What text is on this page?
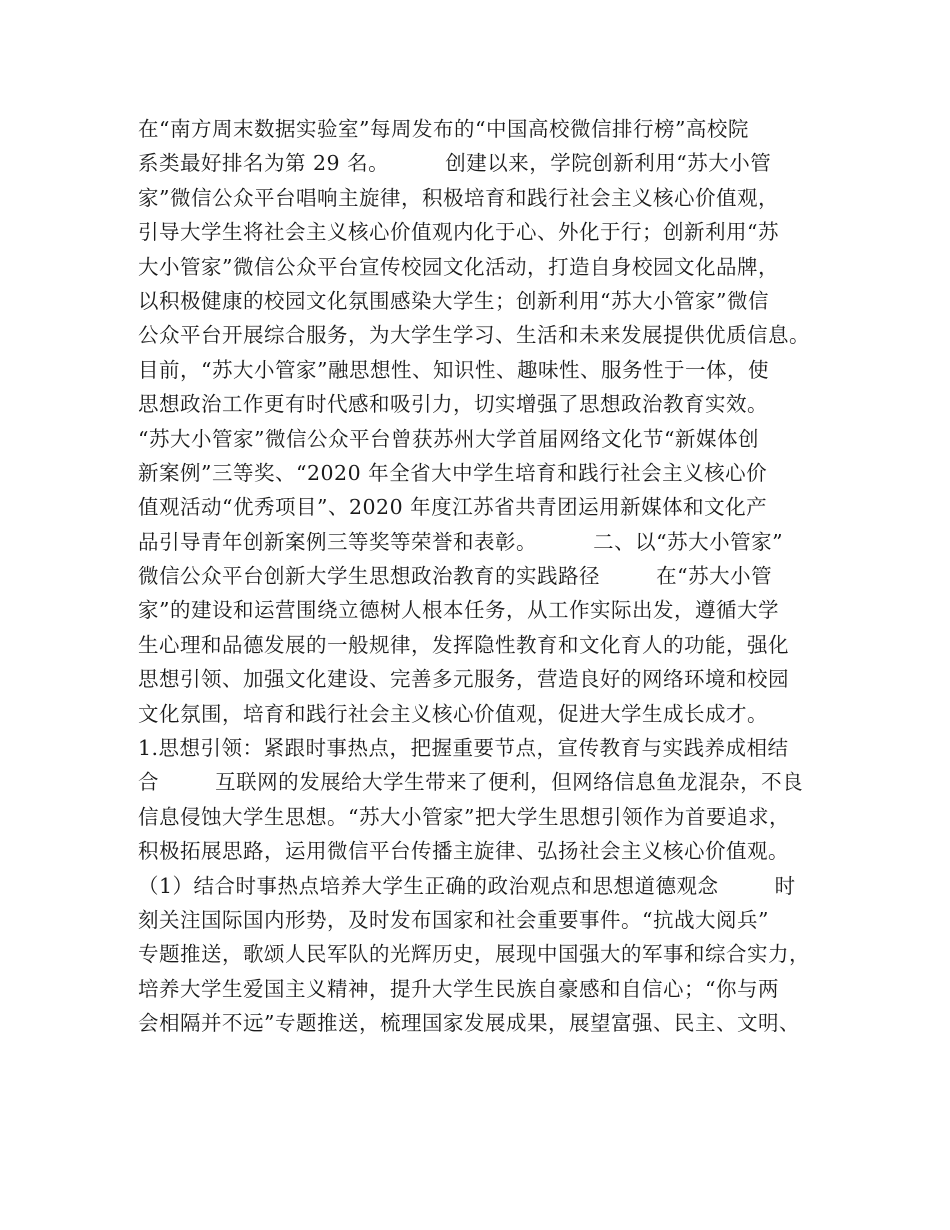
在“南方周末数据实验室”每周发布的“中国高校微信排行榜”高校院
系类最好排名为第 29 名。        创建以来，学院创新利用“苏大小管
家”微信公众平台唱响主旋律，积极培育和践行社会主义核心价值观，
引导大学生将社会主义核心价值观内化于心、外化于行；创新利用“苏
大小管家”微信公众平台宣传校园文化活动，打造自身校园文化品牌，
以积极健康的校园文化氛围感染大学生；创新利用“苏大小管家”微信
公众平台开展综合服务，为大学生学习、生活和未来发展提供优质信息。
目前，“苏大小管家”融思想性、知识性、趣味性、服务性于一体，使
思想政治工作更有时代感和吸引力，切实增强了思想政治教育实效。
“苏大小管家”微信公众平台曾获苏州大学首届网络文化节“新媒体创
新案例”三等奖、“2020 年全省大中学生培育和践行社会主义核心价
值观活动“优秀项目”、2020 年度江苏省共青团运用新媒体和文化产
品引导青年创新案例三等奖等荣誉和表彰。        二、以“苏大小管家”
微信公众平台创新大学生思想政治教育的实践路径        在“苏大小管
家”的建设和运营围绕立德树人根本任务，从工作实际出发，遵循大学
生心理和品德发展的一般规律，发挥隐性教育和文化育人的功能，强化
思想引领、加强文化建设、完善多元服务，营造良好的网络环境和校园
文化氛围，培育和践行社会主义核心价值观，促进大学生成长成才。
1.思想引领：紧跟时事热点，把握重要节点，宣传教育与实践养成相结
合        互联网的发展给大学生带来了便利，但网络信息鱼龙混杂，不良
信息侵蚀大学生思想。“苏大小管家”把大学生思想引领作为首要追求，
积极拓展思路，运用微信平台传播主旋律、弘扬社会主义核心价值观。
（1）结合时事热点培养大学生正确的政治观点和思想道德观念        时
刻关注国际国内形势，及时发布国家和社会重要事件。“抗战大阅兵”
专题推送，歌颂人民军队的光辉历史，展现中国强大的军事和综合实力，
培养大学生爱国主义精神，提升大学生民族自豪感和自信心；“你与两
会相隔并不远”专题推送，梳理国家发展成果，展望富强、民主、文明、
